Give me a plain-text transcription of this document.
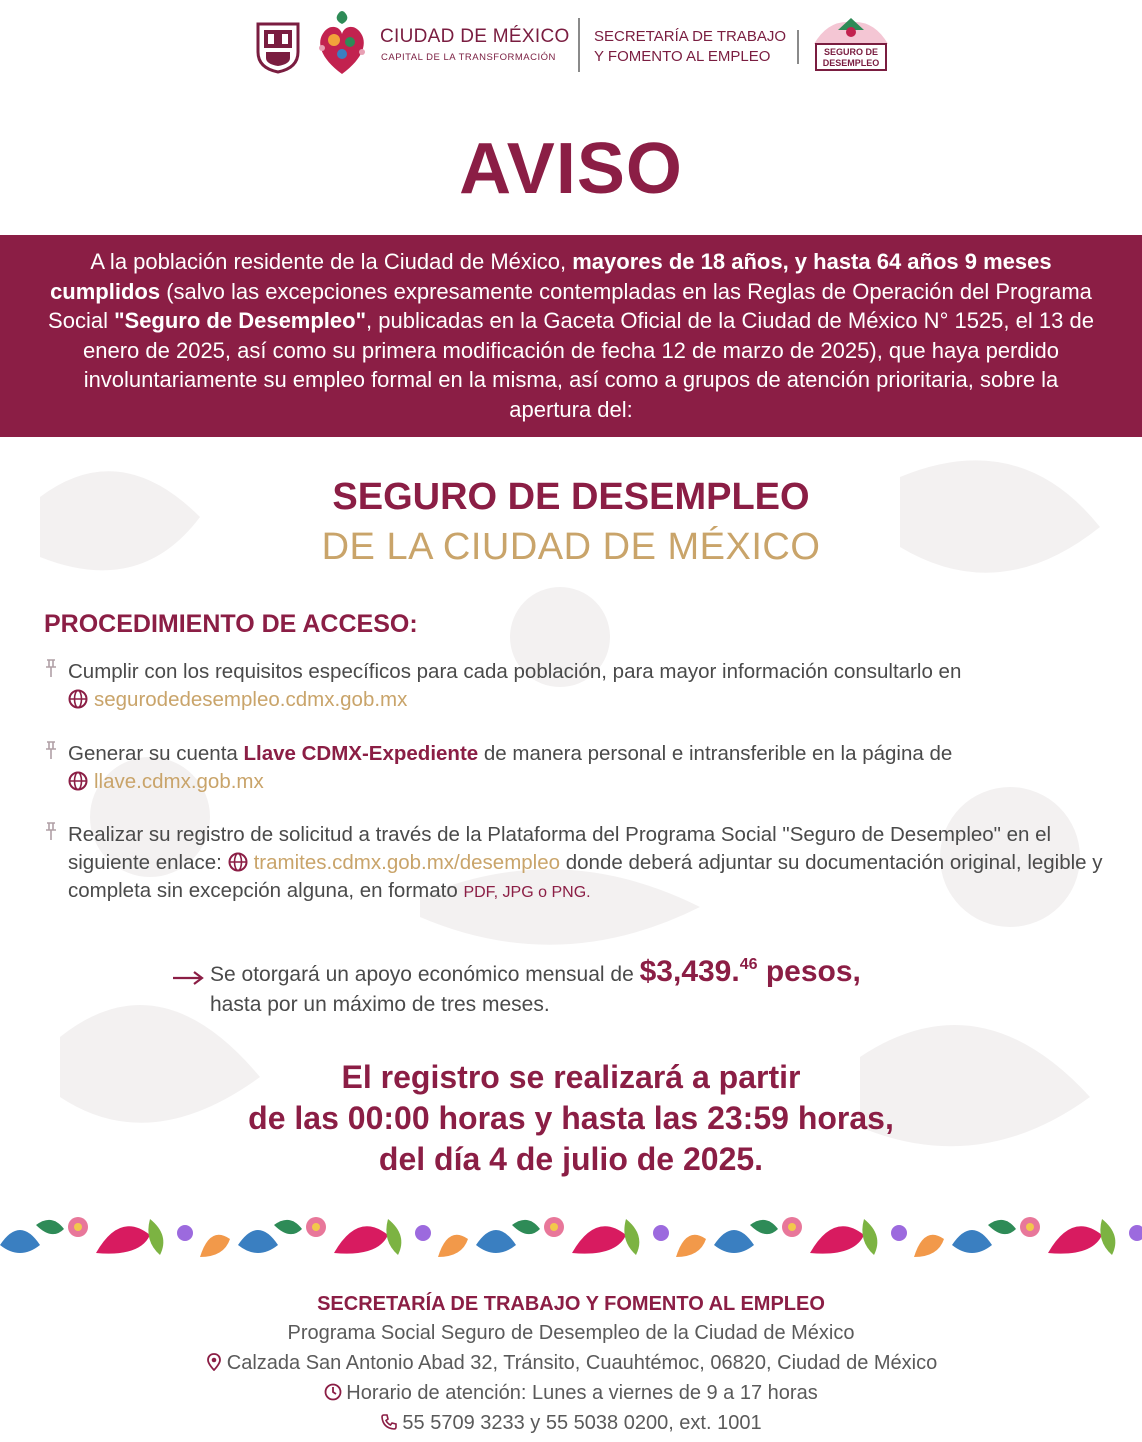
CIUDAD DE MÉXICO
CAPITAL DE LA TRANSFORMACIÓN
SECRETARÍA DE TRABAJO
Y FOMENTO AL EMPLEO	SEGURO DE
DESEMPLEO
AVISO
A la población residente de la Ciudad de México, mayores de 18 años, y hasta 64 años 9 meses cumplidos (salvo las excepciones expresamente contempladas en las Reglas de Operación del Programa Social "Seguro de Desempleo", publicadas en la Gaceta Oficial de la Ciudad de México N° 1525, el 13 de enero de 2025, así como su primera modificación de fecha 12 de marzo de 2025), que haya perdido involuntariamente su empleo formal en la misma, así como a grupos de atención prioritaria, sobre la apertura del:
SEGURO DE DESEMPLEO
DE LA CIUDAD DE MÉXICO
PROCEDIMIENTO DE ACCESO:
Cumplir con los requisitos específicos para cada población, para mayor información consultarlo en
segurodedesempleo.cdmx.gob.mx
Generar su cuenta Llave CDMX-Expediente de manera personal e intransferible en la página de
llave.cdmx.gob.mx
Realizar su registro de solicitud a través de la Plataforma del Programa Social "Seguro de Desempleo" en el siguiente enlace: tramites.cdmx.gob.mx/desempleo donde deberá adjuntar su documentación original, legible y completa sin excepción alguna, en formato PDF, JPG o PNG.
Se otorgará un apoyo económico mensual de $3,439.46 pesos,
hasta por un máximo de tres meses.
El registro se realizará a partir
de las 00:00 horas y hasta las 23:59 horas,
del día 4 de julio de 2025.
SECRETARÍA DE TRABAJO Y FOMENTO AL EMPLEO
Programa Social Seguro de Desempleo de la Ciudad de México
Calzada San Antonio Abad 32, Tránsito, Cuauhtémoc, 06820, Ciudad de México
Horario de atención: Lunes a viernes de 9 a 17 horas
55 5709 3233 y 55 5038 0200, ext. 1001
